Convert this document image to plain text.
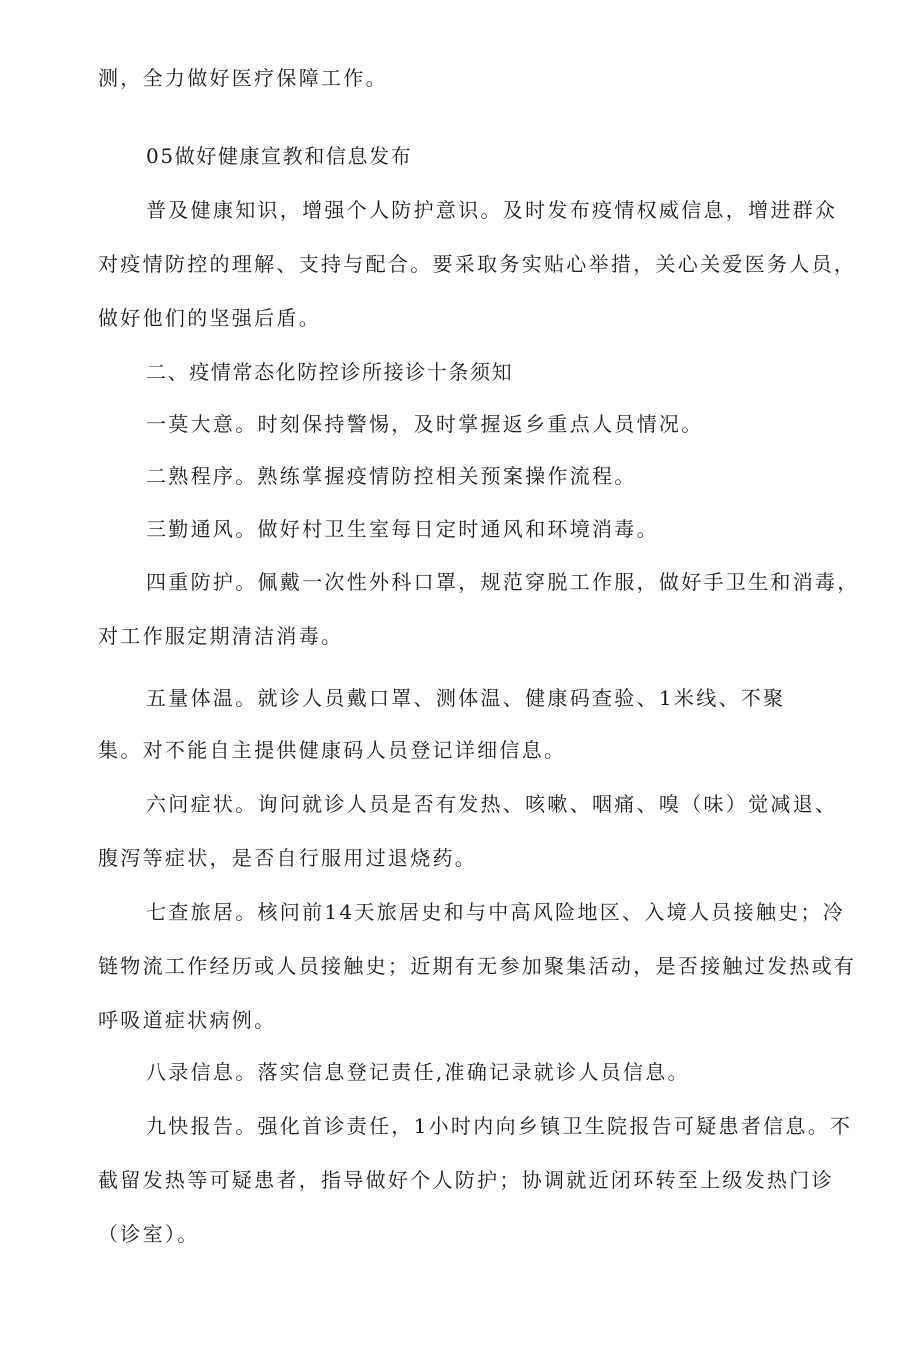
测，全力做好医疗保障工作。
05做好健康宣教和信息发布
普及健康知识，增强个人防护意识。及时发布疫情权威信息，增进群众
对疫情防控的理解、支持与配合。要采取务实贴心举措，关心关爱医务人员，
做好他们的坚强后盾。
二、疫情常态化防控诊所接诊十条须知
一莫大意。时刻保持警惕，及时掌握返乡重点人员情况。
二熟程序。熟练掌握疫情防控相关预案操作流程。
三勤通风。做好村卫生室每日定时通风和环境消毒。
四重防护。佩戴一次性外科口罩，规范穿脱工作服，做好手卫生和消毒，
对工作服定期清洁消毒。
五量体温。就诊人员戴口罩、测体温、健康码查验、1米线、不聚
集。对不能自主提供健康码人员登记详细信息。
六问症状。询问就诊人员是否有发热、咳嗽、咽痛、嗅（味）觉减退、
腹泻等症状，是否自行服用过退烧药。
七查旅居。核问前14天旅居史和与中高风险地区、入境人员接触史；冷
链物流工作经历或人员接触史；近期有无参加聚集活动，是否接触过发热或有
呼吸道症状病例。
八录信息。落实信息登记责任,准确记录就诊人员信息。
九快报告。强化首诊责任，1小时内向乡镇卫生院报告可疑患者信息。不
截留发热等可疑患者，指导做好个人防护；协调就近闭环转至上级发热门诊
（诊室）。
